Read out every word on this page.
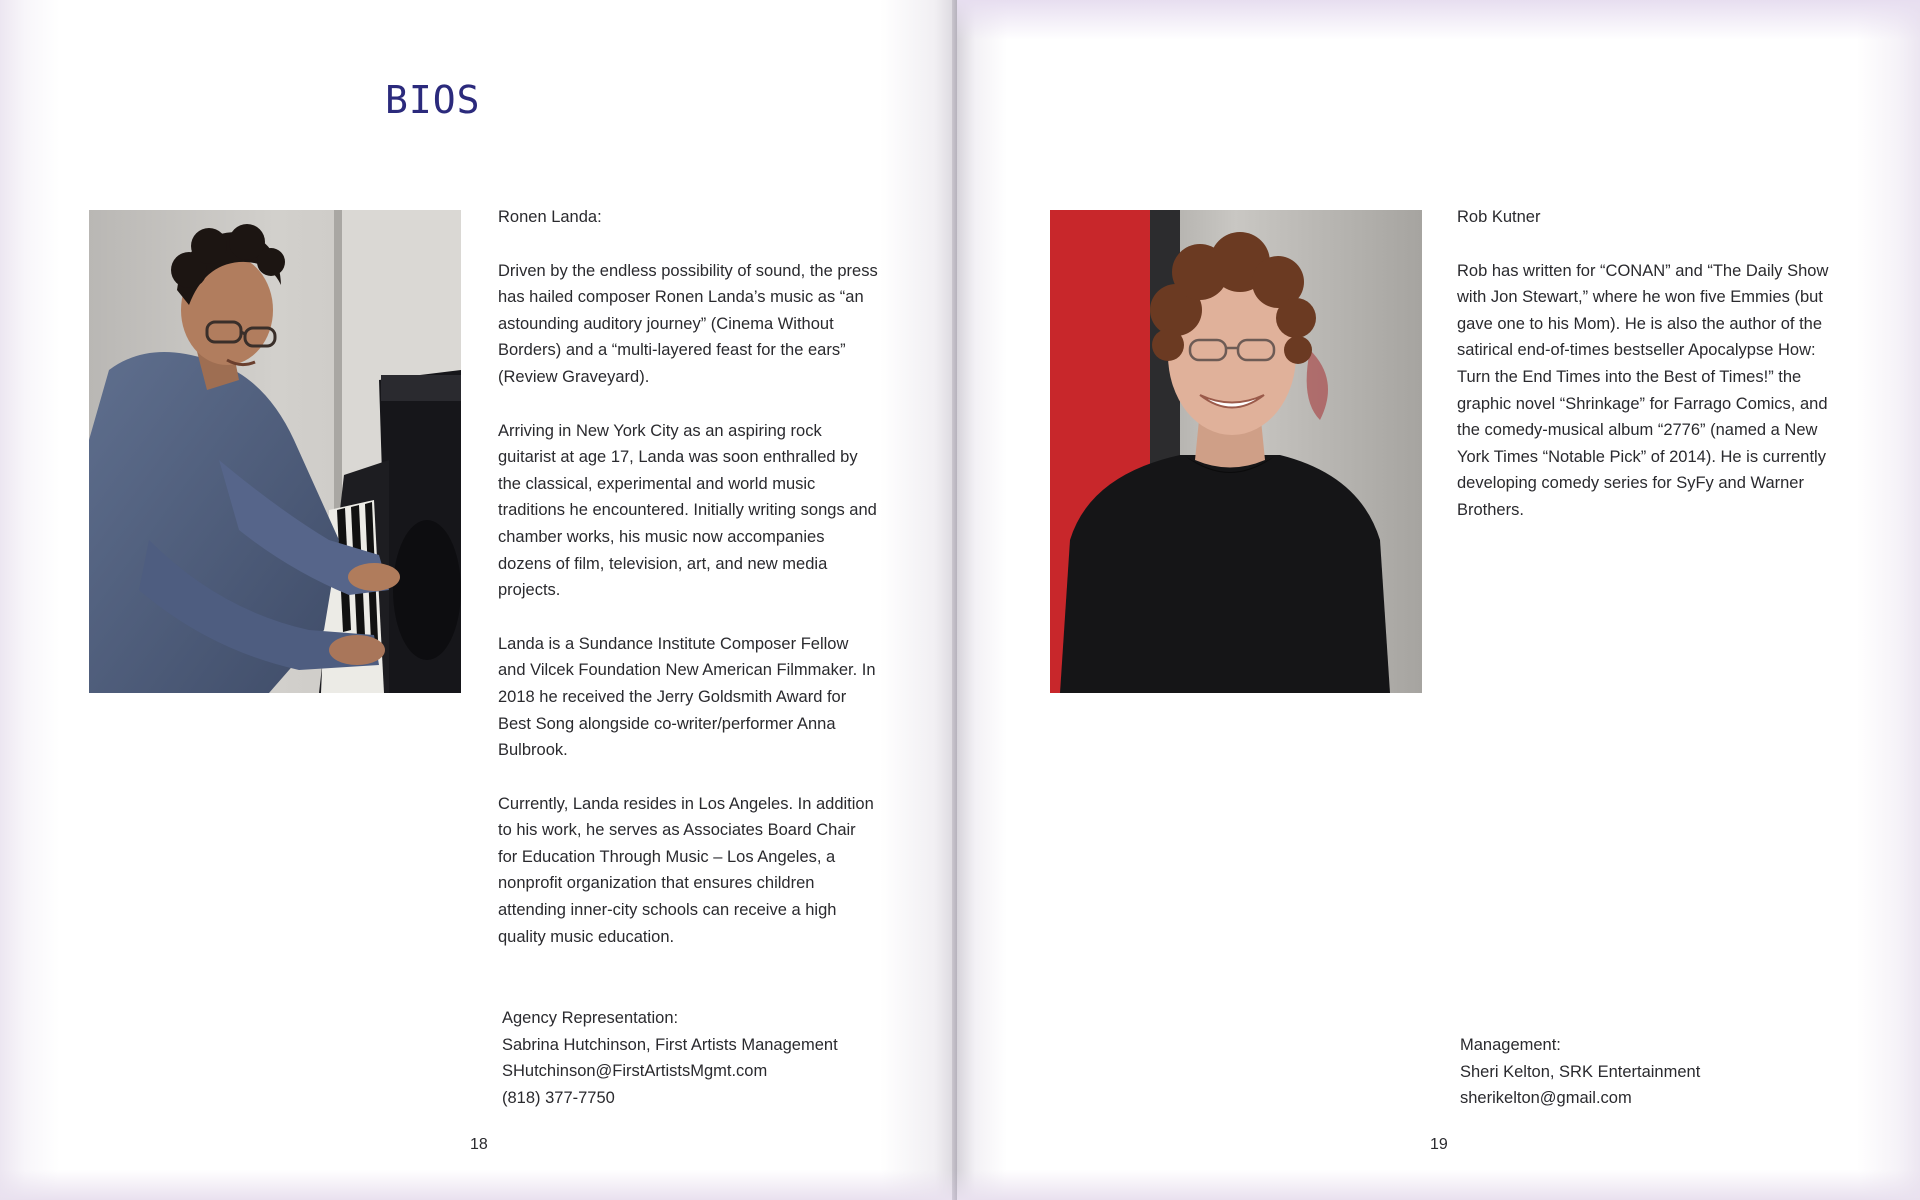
BIOS
Ronen Landa:

Driven by the endless possibility of sound, the press has hailed composer Ronen Landa’s music as “an astounding auditory journey” (Cinema Without Borders) and a “multi-layered feast for the ears” (Review Graveyard).

Arriving in New York City as an aspiring rock guitarist at age 17, Landa was soon enthralled by the classical, experimental and world music traditions he encountered. Initially writing songs and chamber works, his music now accompanies dozens of film, television, art, and new media projects.

Landa is a Sundance Institute Composer Fellow and Vilcek Foundation New American Filmmaker. In 2018 he received the Jerry Goldsmith Award for Best Song alongside co-writer/performer Anna Bulbrook.

Currently, Landa resides in Los Angeles. In addition to his work, he serves as Associates Board Chair for Education Through Music – Los Angeles, a nonprofit organization that ensures children attending inner-city schools can receive a high quality music education.

Agency Representation:
Sabrina Hutchinson, First Artists Management
SHutchinson@FirstArtistsMgmt.com
(818) 377-7750
18
Rob Kutner

Rob has written for “CONAN” and “The Daily Show with Jon Stewart,” where he won five Emmies (but gave one to his Mom). He is also the author of the satirical end-of-times bestseller Apocalypse How: Turn the End Times into the Best of Times!” the graphic novel “Shrinkage” for Farrago Comics, and the comedy-musical album “2776” (named a New York Times “Notable Pick” of 2014). He is currently developing comedy series for SyFy and Warner Brothers.

Management:
Sheri Kelton, SRK Entertainment
sherikelton@gmail.com
19
